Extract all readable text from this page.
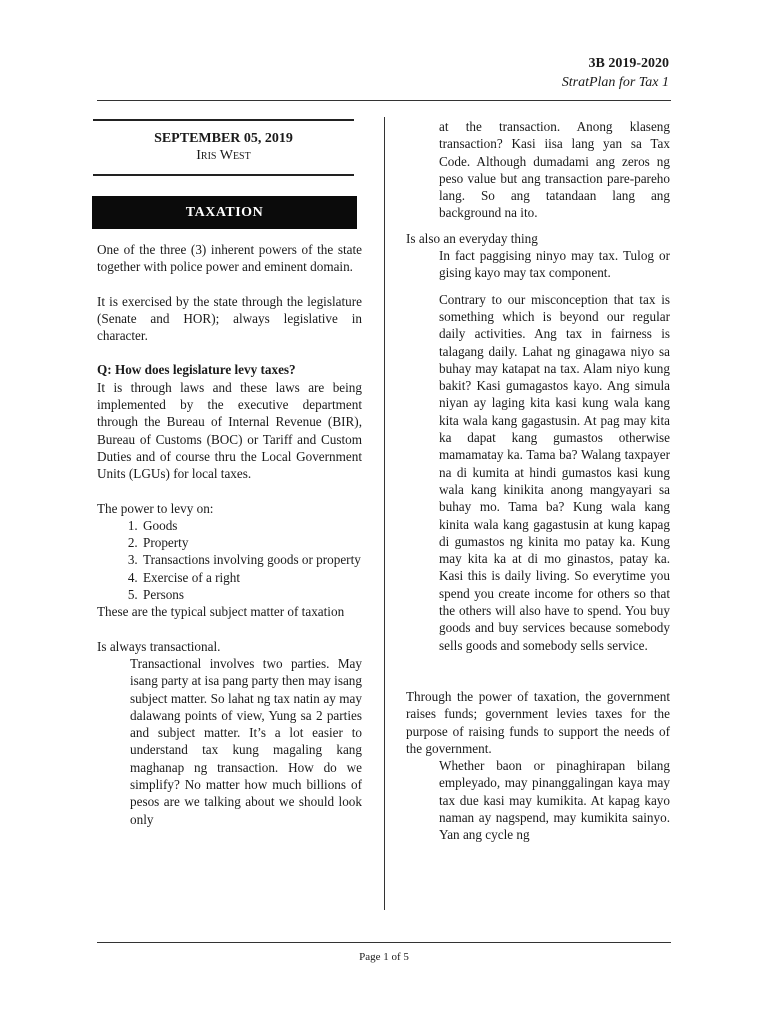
3B 2019-2020
StratPlan for Tax 1
SEPTEMBER 05, 2019
Iris West
TAXATION

One of the three (3) inherent powers of the state together with police power and eminent domain.

It is exercised by the state through the legislature (Senate and HOR); always legislative in character.

Q: How does legislature levy taxes?

It is through laws and these laws are being implemented by the executive department through the Bureau of Internal Revenue (BIR), Bureau of Customs (BOC) or Tariff and Custom Duties and of course thru the Local Government Units (LGUs) for local taxes.

The power to levy on:

1. Goods
2. Property
3. Transactions involving goods or property
4. Exercise of a right
5. Persons

These are the typical subject matter of taxation

Is always transactional.

Transactional involves two parties. May isang party at isa pang party then may isang subject matter. So lahat ng tax natin ay may dalawang points of view, Yung sa 2 parties and subject matter. It’s a lot easier to understand tax kung magaling kang maghanap ng transaction. How do we simplify? No matter how much billions of pesos are we talking about we should look only

at the transaction. Anong klaseng transaction? Kasi iisa lang yan sa Tax Code. Although dumadami ang zeros ng peso value but ang transaction pare-pareho lang. So ang tatandaan lang ang background na ito.

Is also an everyday thing

In fact paggising ninyo may tax. Tulog or gising kayo may tax component.

Contrary to our misconception that tax is something which is beyond our regular daily activities. Ang tax in fairness is talagang daily. Lahat ng ginagawa niyo sa buhay may katapat na tax. Alam niyo kung bakit? Kasi gumagastos kayo. Ang simula niyan ay laging kita kasi kung wala kang kita wala kang gagastusin. At pag may kita ka dapat kang gumastos otherwise mamamatay ka. Tama ba? Walang taxpayer na di kumita at hindi gumastos kasi kung wala kang kinikita anong mangyayari sa buhay mo. Tama ba? Kung wala kang kinita wala kang gagastusin at kung kapag di gumastos ng kinita mo patay ka. Kung may kita ka at di mo ginastos, patay ka. Kasi this is daily living. So everytime you spend you create income for others so that the others will also have to spend. You buy goods and buy services because somebody sells goods and somebody sells service.

Through the power of taxation, the government raises funds; government levies taxes for the purpose of raising funds to support the needs of the government.

Whether baon or pinaghirapan bilang empleyado, may pinanggalingan kaya may tax due kasi may kumikita. At kapag kayo naman ay nagspend, may kumikita sainyo. Yan ang cycle ng

Page 1 of 5
